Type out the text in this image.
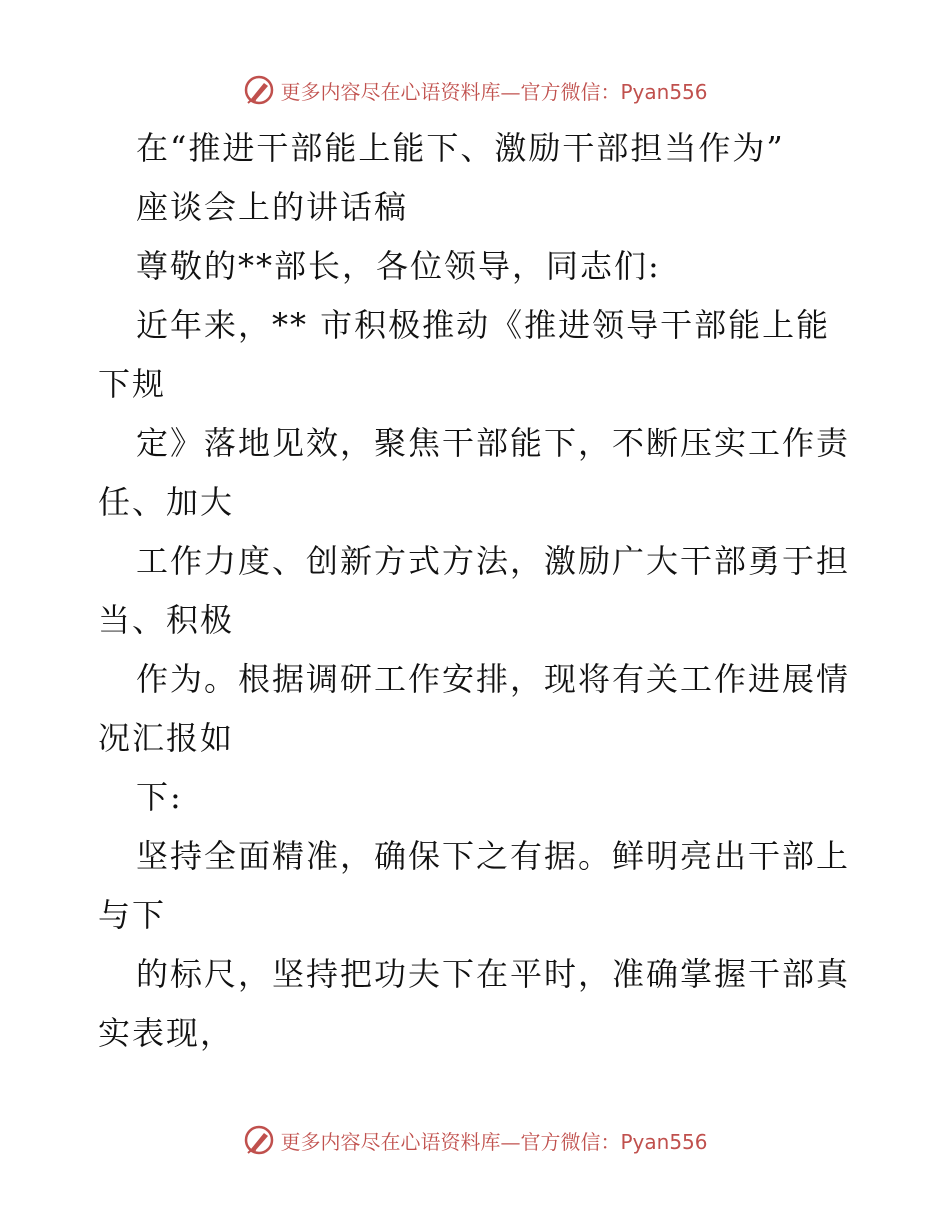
更多内容尽在心语资料库—官方微信：Pyan556
在“推进干部能上能下、激励干部担当作为”
座谈会上的讲话稿
尊敬的**部长，各位领导，同志们:
近年来，** 市积极推动《推进领导干部能上能
下规
定》落地见效，聚焦干部能下，不断压实工作责
任、加大
工作力度、创新方式方法，激励广大干部勇于担
当、积极
作为。根据调研工作安排，现将有关工作进展情
况汇报如
下:
坚持全面精准，确保下之有据。鲜明亮出干部上
与下
的标尺，坚持把功夫下在平时，准确掌握干部真
实表现，
更多内容尽在心语资料库—官方微信：Pyan556
